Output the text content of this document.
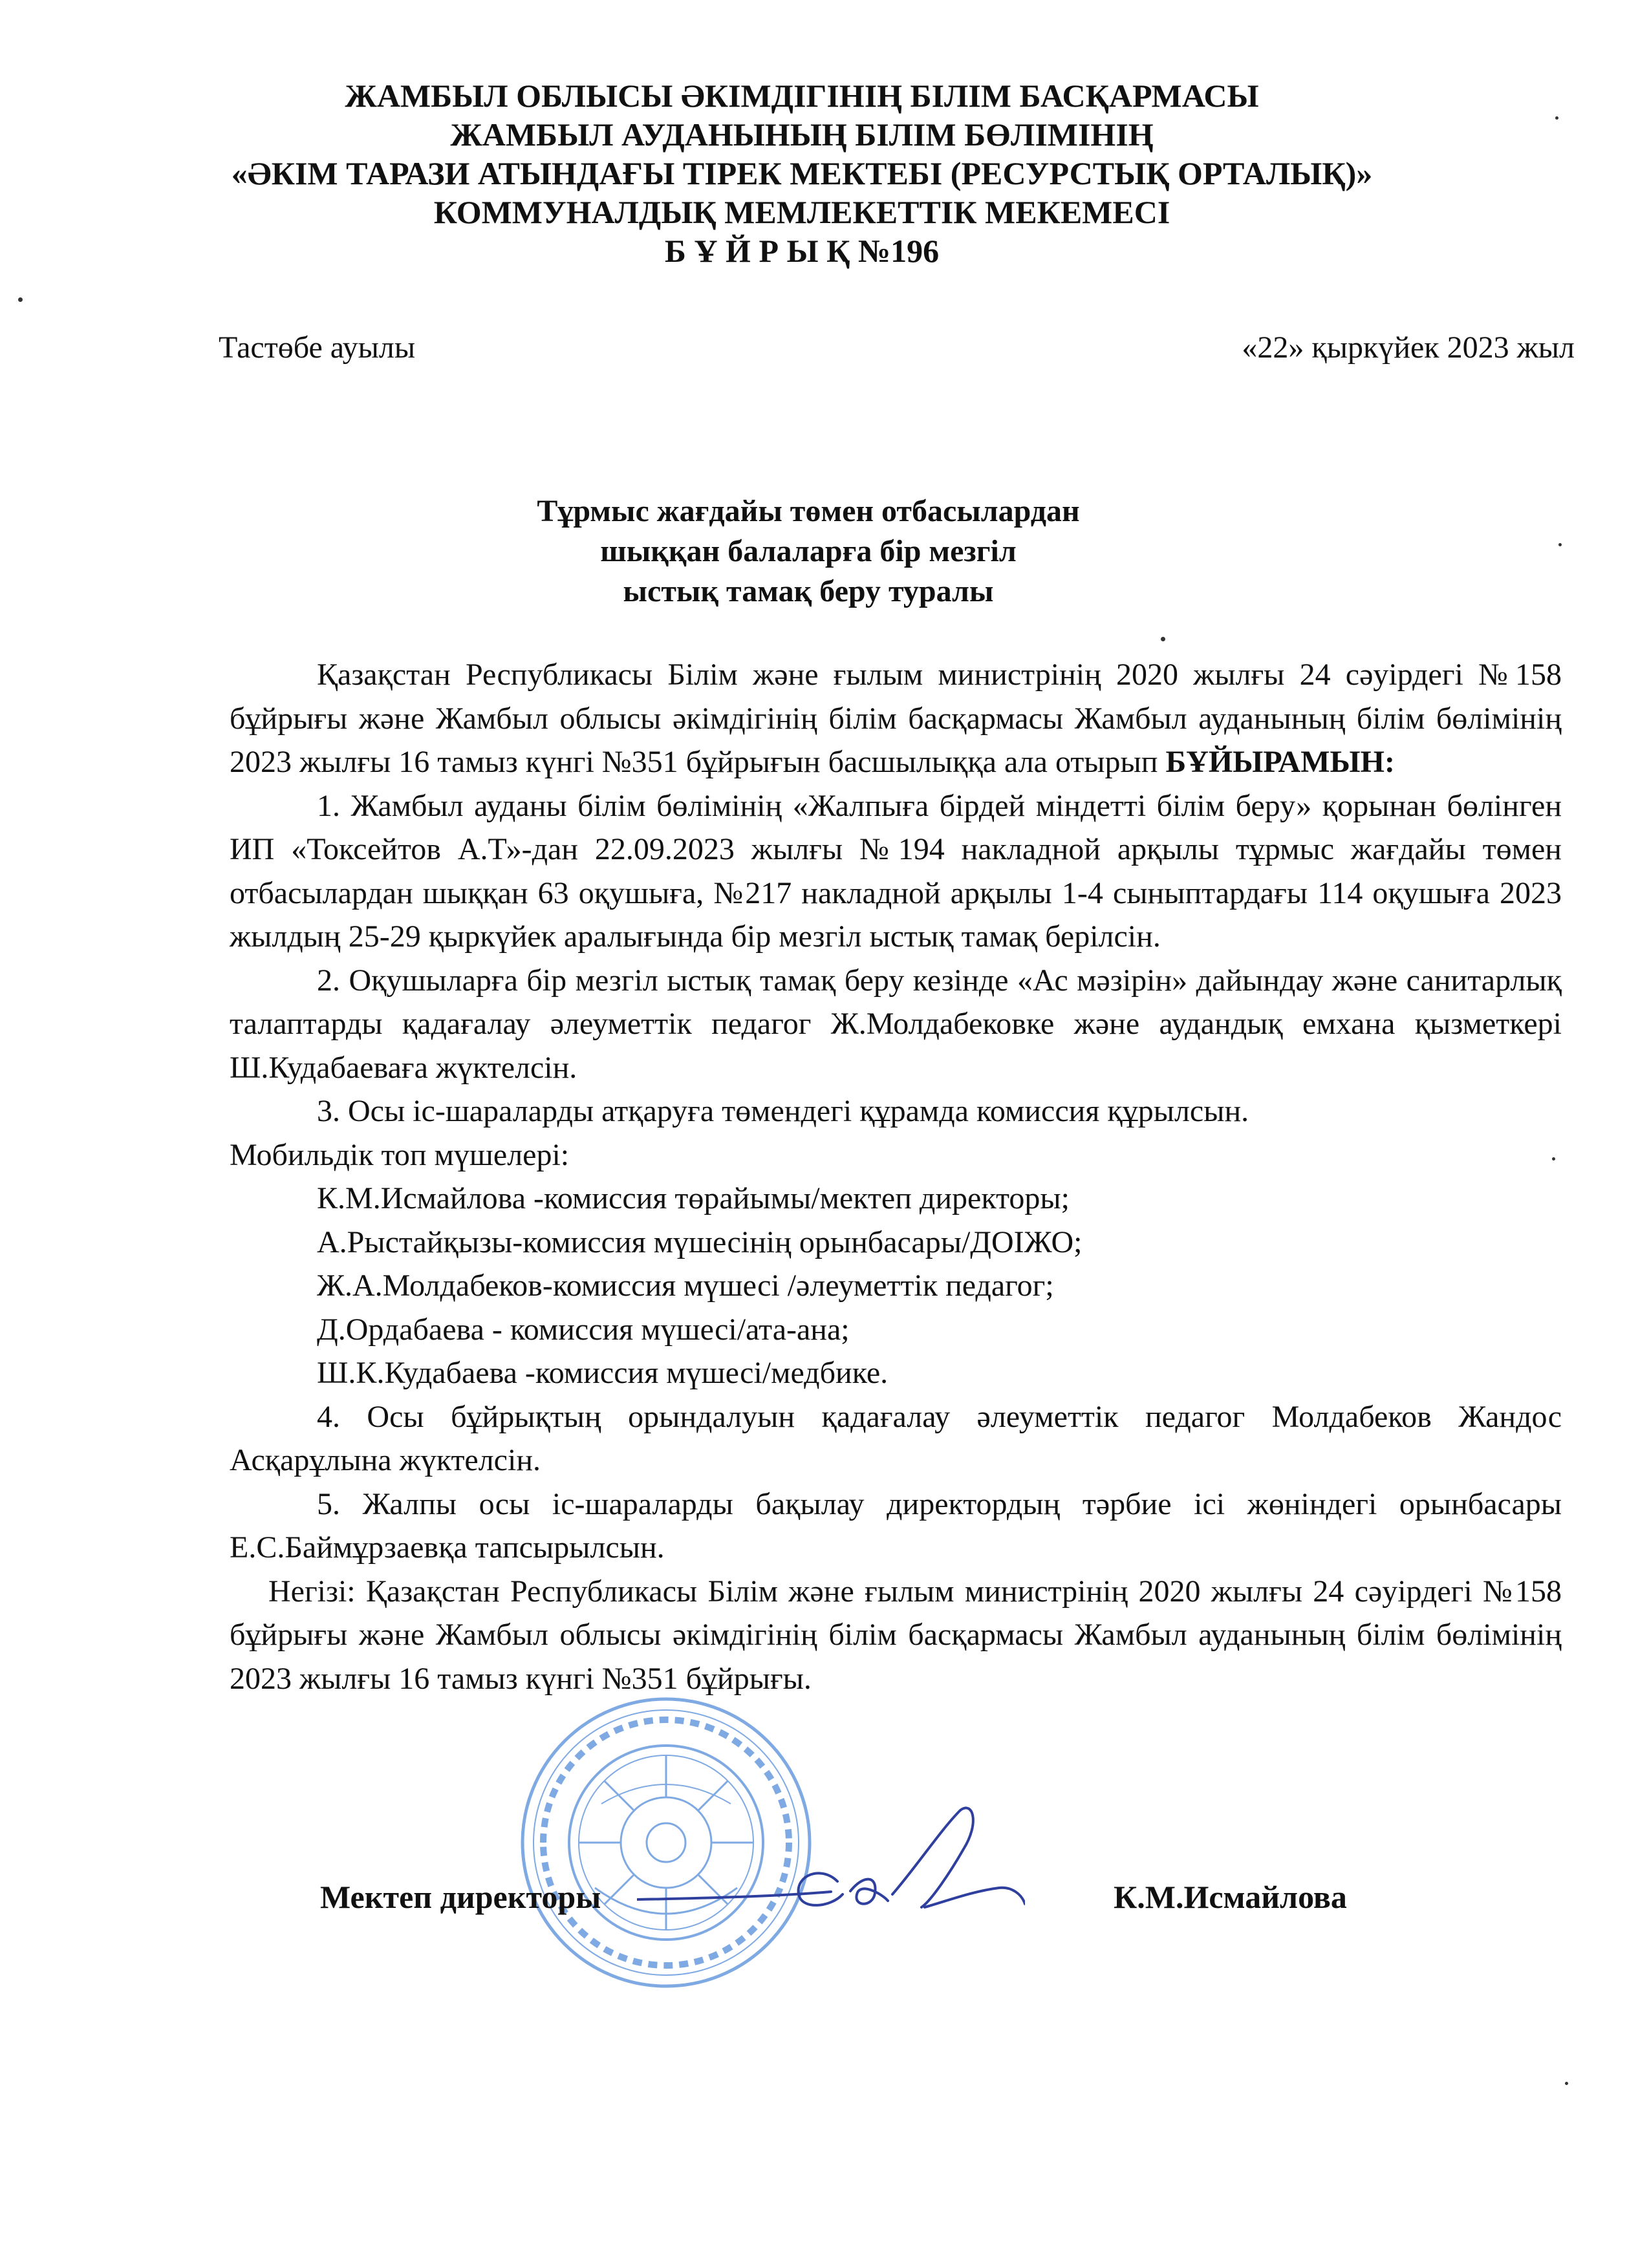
ЖАМБЫЛ ОБЛЫСЫ ӘКІМДІГІНІҢ БІЛІМ БАСҚАРМАСЫ
ЖАМБЫЛ АУДАНЫНЫҢ БІЛІМ БӨЛІМІНІҢ
«ӘКІМ ТАРАЗИ АТЫНДАҒЫ ТІРЕК МЕКТЕБІ (РЕСУРСТЫҚ ОРТАЛЫҚ)»
КОММУНАЛДЫҚ МЕМЛЕКЕТТІК МЕКЕМЕСІ
Б Ұ Й Р Ы Қ №196
Тастөбе ауылы	«22» қыркүйек 2023 жыл
Тұрмыс жағдайы төмен отбасылардан
шыққан балаларға бір мезгіл
ыстық тамақ беру туралы

Қазақстан Республикасы Білім және ғылым министрінің 2020 жылғы 24 сәуірдегі №158 бұйрығы және Жамбыл облысы әкімдігінің білім басқармасы Жамбыл ауданының білім бөлімінің 2023 жылғы 16 тамыз күнгі №351 бұйрығын басшылыққа ала отырып БҰЙЫРАМЫН:

1. Жамбыл ауданы білім бөлімінің «Жалпыға бірдей міндетті білім беру» қорынан бөлінген ИП «Токсейтов А.Т»-дан 22.09.2023 жылғы №194 накладной арқылы тұрмыс жағдайы төмен отбасылардан шыққан 63 оқушыға, №217 накладной арқылы 1-4 сыныптардағы 114 оқушыға 2023 жылдың 25-29 қыркүйек аралығында бір мезгіл ыстық тамақ берілсін.

2. Оқушыларға бір мезгіл ыстық тамақ беру кезінде «Ас мәзірін» дайындау және санитарлық талаптарды қадағалау әлеуметтік педагог Ж.Молдабековке және аудандық емхана қызметкері Ш.Кудабаеваға жүктелсін.

3. Осы іс-шараларды атқаруға төмендегі құрамда комиссия құрылсын.

Мобильдік топ мүшелері:

К.М.Исмайлова -комиссия төрайымы/мектеп директоры;

А.Рыстайқызы-комиссия мүшесінің орынбасары/ДОІЖО;

Ж.А.Молдабеков-комиссия мүшесі /әлеуметтік педагог;

Д.Ордабаева - комиссия мүшесі/ата-ана;

Ш.К.Кудабаева -комиссия мүшесі/медбике.

4. Осы бұйрықтың орындалуын қадағалау әлеуметтік педагог Молдабеков Жандос Асқарұлына жүктелсін.

5. Жалпы осы іс-шараларды бақылау директордың тәрбие ісі жөніндегі орынбасары Е.С.Баймұрзаевқа тапсырылсын.

Негізі: Қазақстан Республикасы Білім және ғылым министрінің 2020 жылғы 24 сәуірдегі №158 бұйрығы және Жамбыл облысы әкімдігінің білім басқармасы Жамбыл ауданының білім бөлімінің 2023 жылғы 16 тамыз күнгі №351 бұйрығы.

Мектеп директоры	К.М.Исмайлова
